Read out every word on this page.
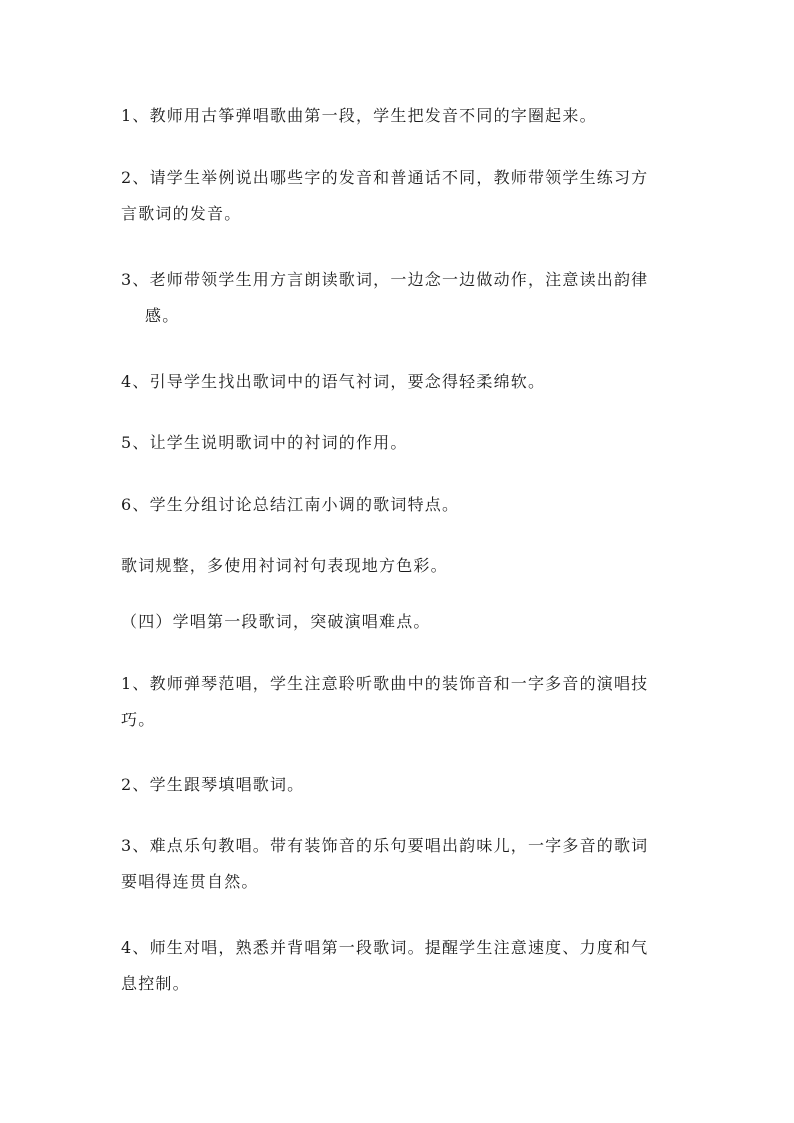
1、教师用古筝弹唱歌曲第一段，学生把发音不同的字圈起来。

2、请学生举例说出哪些字的发音和普通话不同，教师带领学生练习方
言歌词的发音。

3、老师带领学生用方言朗读歌词，一边念一边做动作，注意读出韵律
感。

4、引导学生找出歌词中的语气衬词，要念得轻柔绵软。

5、让学生说明歌词中的衬词的作用。

6、学生分组讨论总结江南小调的歌词特点。

歌词规整，多使用衬词衬句表现地方色彩。

（四）学唱第一段歌词，突破演唱难点。

1、教师弹琴范唱，学生注意聆听歌曲中的装饰音和一字多音的演唱技
巧。

2、学生跟琴填唱歌词。

3、难点乐句教唱。带有装饰音的乐句要唱出韵味儿，一字多音的歌词
要唱得连贯自然。

4、师生对唱，熟悉并背唱第一段歌词。提醒学生注意速度、力度和气
息控制。
